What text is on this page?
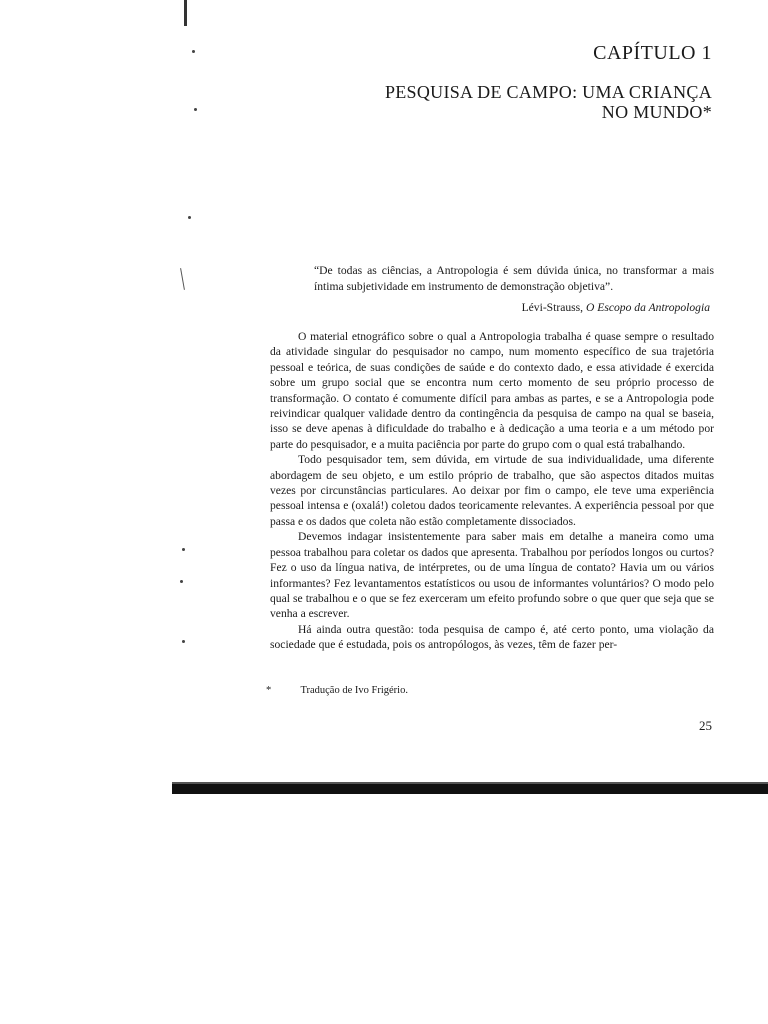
CAPÍTULO 1
PESQUISA DE CAMPO: UMA CRIANÇA
NO MUNDO*
“De todas as ciências, a Antropologia é sem dúvida única, no transformar a mais íntima subjetividade em instrumento de demonstração objetiva”.
Lévi-Strauss, O Escopo da Antropologia

O material etnográfico sobre o qual a Antropologia trabalha é quase sempre o resultado da atividade singular do pesquisador no campo, num momento específico de sua trajetória pessoal e teórica, de suas condições de saúde e do contexto dado, e essa atividade é exercida sobre um grupo social que se encontra num certo momento de seu próprio processo de transformação. O contato é comumente difícil para ambas as partes, e se a Antropologia pode reivindicar qualquer validade dentro da contingência da pesquisa de campo na qual se baseia, isso se deve apenas à dificuldade do trabalho e à dedicação a uma teoria e a um método por parte do pesquisador, e a muita paciência por parte do grupo com o qual está trabalhando.

Todo pesquisador tem, sem dúvida, em virtude de sua individualidade, uma diferente abordagem de seu objeto, e um estilo próprio de trabalho, que são aspectos ditados muitas vezes por circunstâncias particulares. Ao deixar por fim o campo, ele teve uma experiência pessoal intensa e (oxalá!) coletou dados teoricamente relevantes. A experiência pessoal por que passa e os dados que coleta não estão completamente dissociados.

Devemos indagar insistentemente para saber mais em detalhe a maneira como uma pessoa trabalhou para coletar os dados que apresenta. Trabalhou por períodos longos ou curtos? Fez o uso da língua nativa, de intérpretes, ou de uma língua de contato? Havia um ou vários informantes? Fez levantamentos estatísticos ou usou de informantes voluntários? O modo pelo qual se trabalhou e o que se fez exerceram um efeito profundo sobre o que quer que seja que se venha a escrever.

Há ainda outra questão: toda pesquisa de campo é, até certo ponto, uma violação da sociedade que é estudada, pois os antropólogos, às vezes, têm de fazer per-

*	Tradução de Ivo Frigério.
25
